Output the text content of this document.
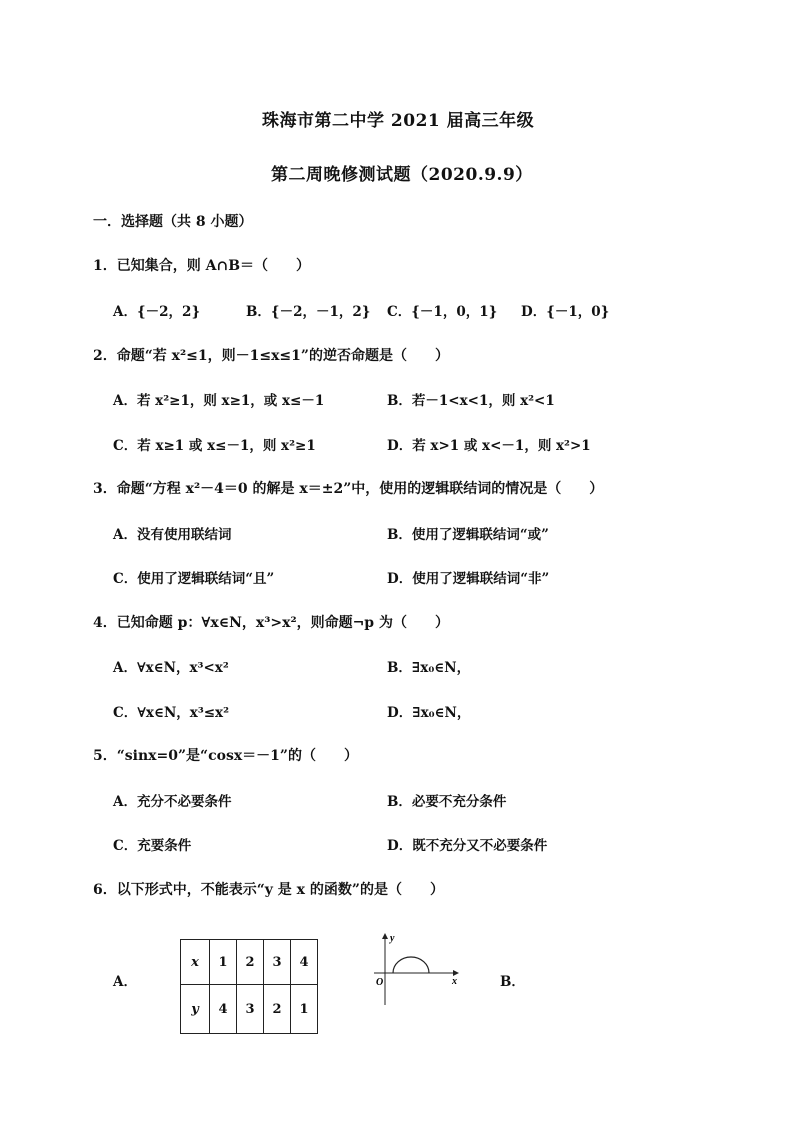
珠海市第二中学 2021 届高三年级
第二周晚修测试题（2020.9.9）
一．选择题（共 8 小题）
1．已知集合，则 A∩B＝（　　）
A．{－2，2}	B．{－2，－1，2} C．{－1，0，1} D．{－1，0}
2．命题“若 x²≤1，则－1≤x≤1”的逆否命题是（　　）
A．若 x²≥1，则 x≥1，或 x≤－1	B．若－1<x<1，则 x²<1
C．若 x≥1 或 x≤－1，则 x²≥1	D．若 x>1 或 x<－1，则 x²>1
3．命题“方程 x²－4＝0 的解是 x＝±2”中，使用的逻辑联结词的情况是（　　）
A．没有使用联结词	B．使用了逻辑联结词“或”
C．使用了逻辑联结词“且”	D．使用了逻辑联结词“非”
4．已知命题 p：∀x∈N，x³>x²，则命题¬p 为（　　）
A．∀x∈N，x³<x²	B．∃x₀∈N，
C．∀x∈N，x³≤x²	D．∃x₀∈N，
5．“sinx=0”是“cosx＝－1”的（　　）
A．充分不必要条件	B．必要不充分条件
C．充要条件	D．既不充分又不必要条件
6．以下形式中，不能表示“y 是 x 的函数”的是（　　）
A．
x	1	2	3	4
y	4	3	2	1
y
x
O	B．
